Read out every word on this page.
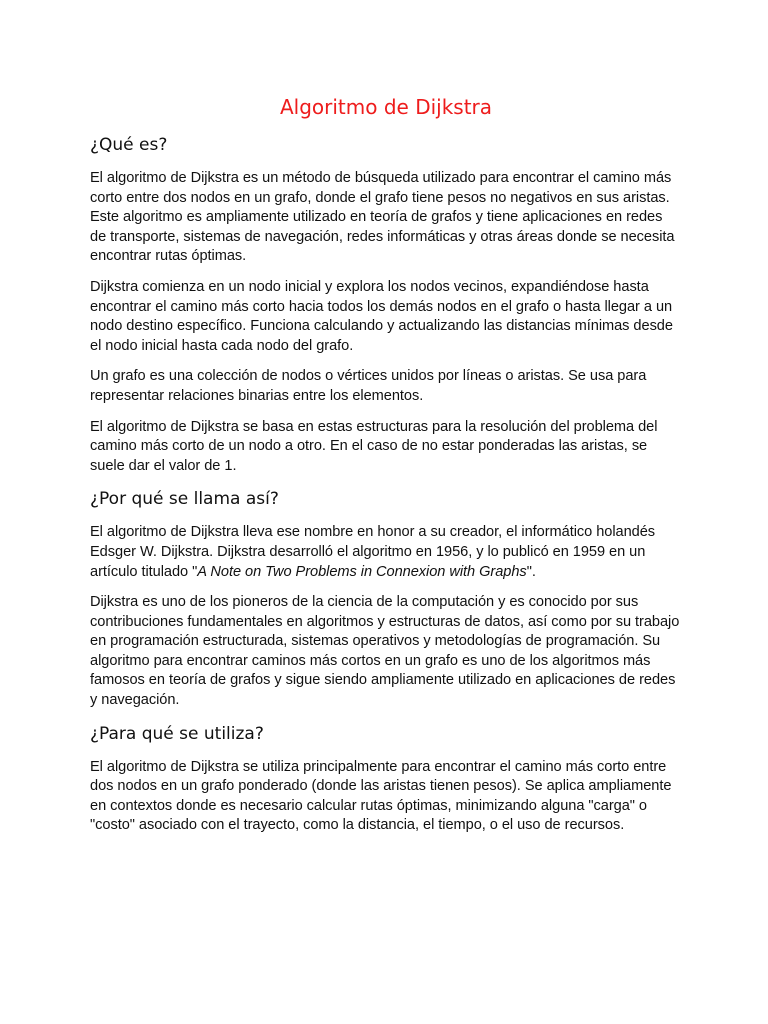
Algoritmo de Dijkstra
¿Qué es?

El algoritmo de Dijkstra es un método de búsqueda utilizado para encontrar el camino más corto entre dos nodos en un grafo, donde el grafo tiene pesos no negativos en sus aristas. Este algoritmo es ampliamente utilizado en teoría de grafos y tiene aplicaciones en redes de transporte, sistemas de navegación, redes informáticas y otras áreas donde se necesita encontrar rutas óptimas.

Dijkstra comienza en un nodo inicial y explora los nodos vecinos, expandiéndose hasta encontrar el camino más corto hacia todos los demás nodos en el grafo o hasta llegar a un nodo destino específico. Funciona calculando y actualizando las distancias mínimas desde el nodo inicial hasta cada nodo del grafo.

Un grafo es una colección de nodos o vértices unidos por líneas o aristas. Se usa para representar relaciones binarias entre los elementos.

El algoritmo de Dijkstra se basa en estas estructuras para la resolución del problema del camino más corto de un nodo a otro. En el caso de no estar ponderadas las aristas, se suele dar el valor de 1.

¿Por qué se llama así?

El algoritmo de Dijkstra lleva ese nombre en honor a su creador, el informático holandés Edsger W. Dijkstra. Dijkstra desarrolló el algoritmo en 1956, y lo publicó en 1959 en un artículo titulado "A Note on Two Problems in Connexion with Graphs".

Dijkstra es uno de los pioneros de la ciencia de la computación y es conocido por sus contribuciones fundamentales en algoritmos y estructuras de datos, así como por su trabajo en programación estructurada, sistemas operativos y metodologías de programación. Su algoritmo para encontrar caminos más cortos en un grafo es uno de los algoritmos más famosos en teoría de grafos y sigue siendo ampliamente utilizado en aplicaciones de redes y navegación.

¿Para qué se utiliza?

El algoritmo de Dijkstra se utiliza principalmente para encontrar el camino más corto entre dos nodos en un grafo ponderado (donde las aristas tienen pesos). Se aplica ampliamente en contextos donde es necesario calcular rutas óptimas, minimizando alguna "carga" o "costo" asociado con el trayecto, como la distancia, el tiempo, o el uso de recursos.
